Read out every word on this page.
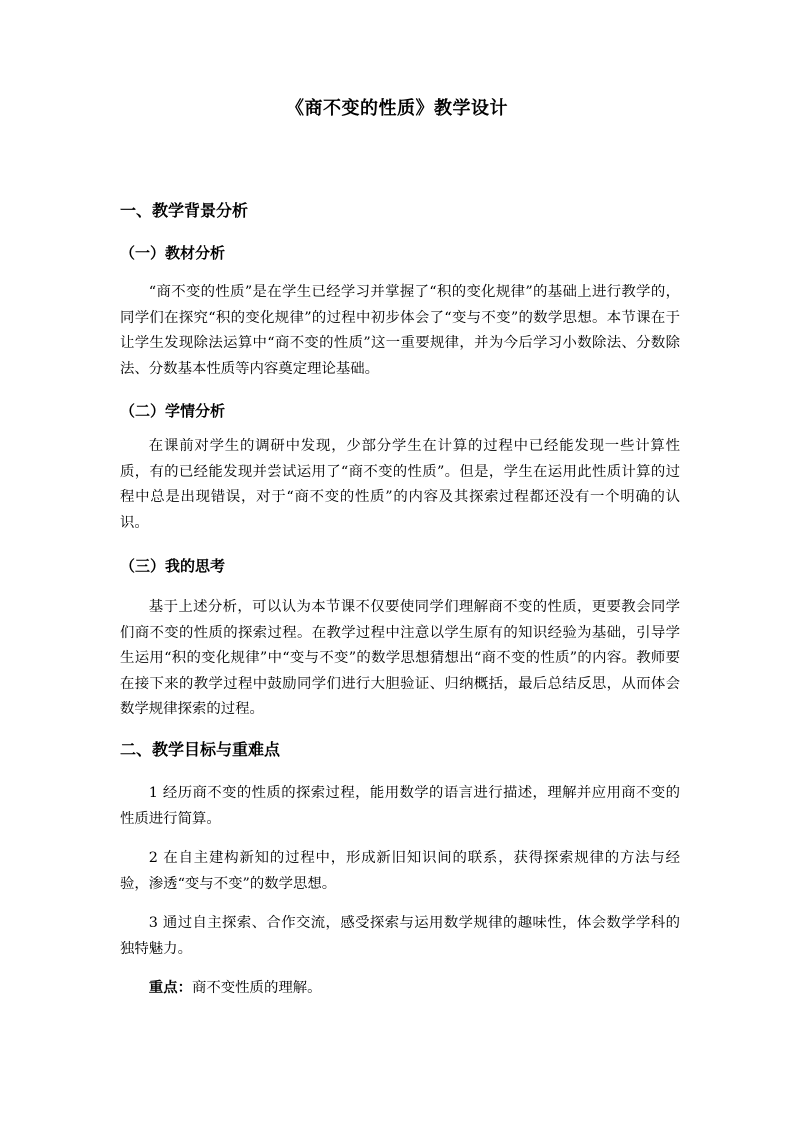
《商不变的性质》教学设计
一、教学背景分析
（一）教材分析
“商不变的性质”是在学生已经学习并掌握了“积的变化规律”的基础上进行教学的，同学们在探究“积的变化规律”的过程中初步体会了“变与不变”的数学思想。本节课在于让学生发现除法运算中“商不变的性质”这一重要规律，并为今后学习小数除法、分数除法、分数基本性质等内容奠定理论基础。
（二）学情分析
在课前对学生的调研中发现，少部分学生在计算的过程中已经能发现一些计算性质，有的已经能发现并尝试运用了“商不变的性质”。但是，学生在运用此性质计算的过程中总是出现错误，对于“商不变的性质”的内容及其探索过程都还没有一个明确的认识。
（三）我的思考
基于上述分析，可以认为本节课不仅要使同学们理解商不变的性质，更要教会同学们商不变的性质的探索过程。在教学过程中注意以学生原有的知识经验为基础，引导学生运用“积的变化规律”中“变与不变”的数学思想猜想出“商不变的性质”的内容。教师要在接下来的教学过程中鼓励同学们进行大胆验证、归纳概括，最后总结反思，从而体会数学规律探索的过程。
二、教学目标与重难点
1 经历商不变的性质的探索过程，能用数学的语言进行描述，理解并应用商不变的性质进行简算。
2 在自主建构新知的过程中，形成新旧知识间的联系，获得探索规律的方法与经验，渗透“变与不变”的数学思想。
3 通过自主探索、合作交流，感受探索与运用数学规律的趣味性，体会数学学科的独特魅力。
重点：商不变性质的理解。
